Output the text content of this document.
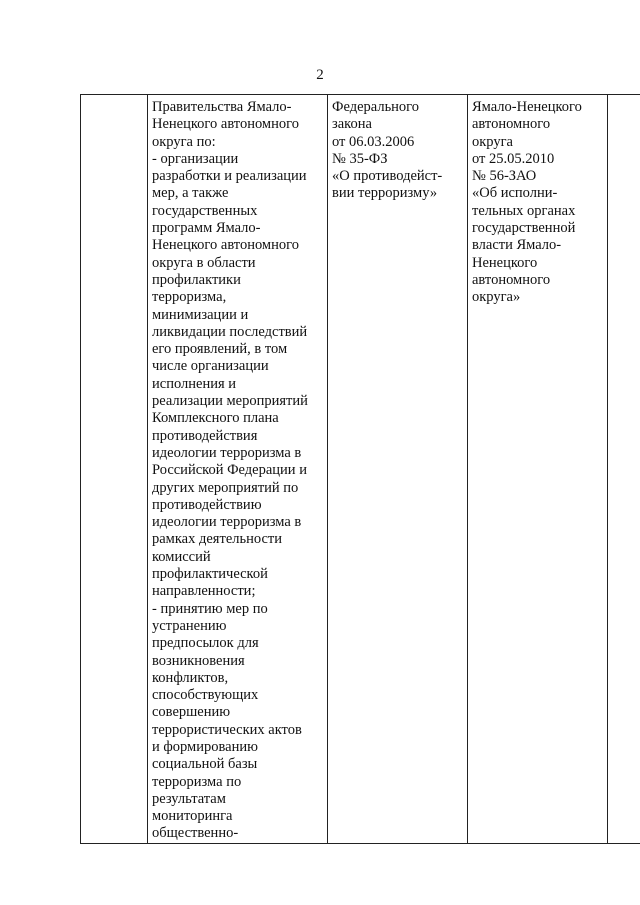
2

Правительства Ямало-
Ненецкого автономного
округа по:
- организации
разработки и реализации
мер, а также
государственных
программ Ямало-
Ненецкого автономного
округа в области
профилактики
терроризма,
минимизации и
ликвидации последствий
его проявлений, в том
числе организации
исполнения и
реализации мероприятий
Комплексного плана
противодействия
идеологии терроризма в
Российской Федерации и
других мероприятий по
противодействию
идеологии терроризма в
рамках деятельности
комиссий
профилактической
направленности;
- принятию мер по
устранению
предпосылок для
возникновения
конфликтов,
способствующих
совершению
террористических актов
и формированию
социальной базы
терроризма по
результатам
мониторинга
общественно-

Федерального
закона
от 06.03.2006
№ 35-ФЗ
«О противодейст-
вии терроризму»

Ямало-Ненецкого
автономного
округа
от 25.05.2010
№ 56-ЗАО
«Об исполни-
тельных органах
государственной
власти Ямало-
Ненецкого
автономного
округа»
